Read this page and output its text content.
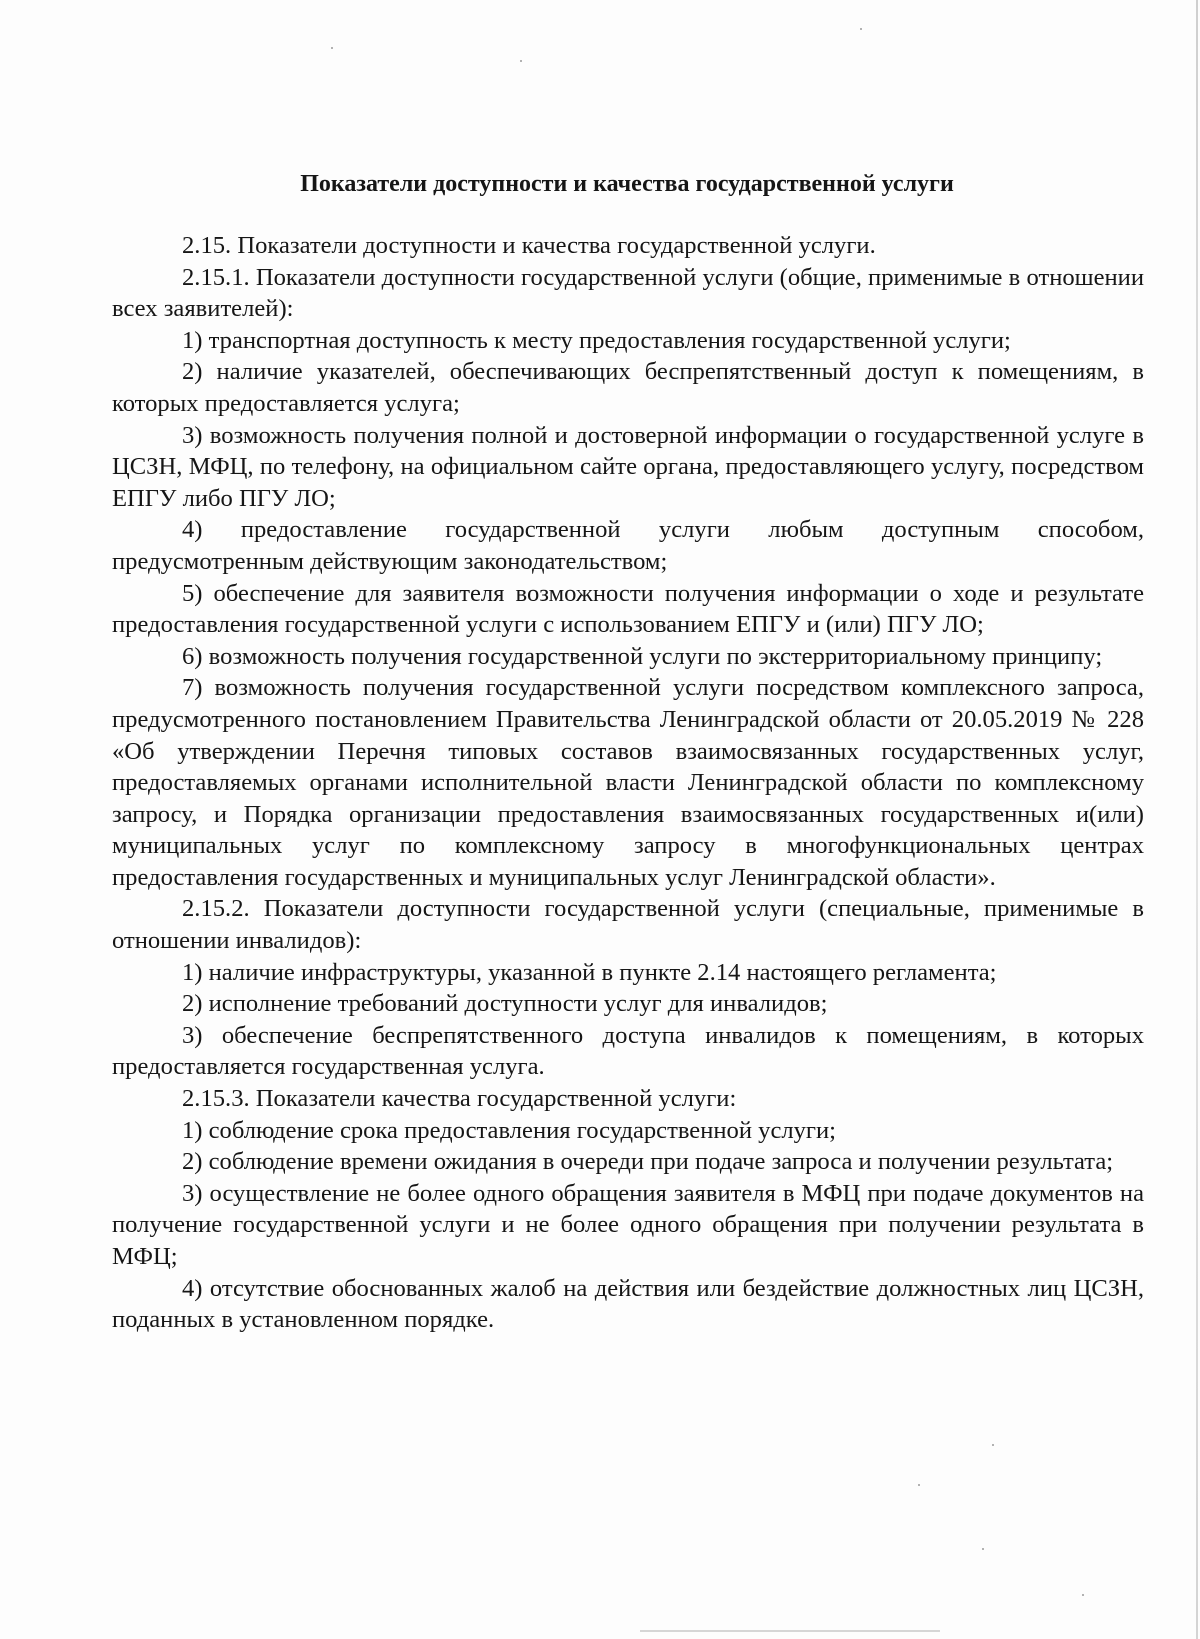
Показатели доступности и качества государственной услуги

2.15. Показатели доступности и качества государственной услуги.

2.15.1. Показатели доступности государственной услуги (общие, применимые в отношении всех заявителей):

1) транспортная доступность к месту предоставления государственной услуги;

2) наличие указателей, обеспечивающих беспрепятственный доступ к помещениям, в которых предоставляется услуга;

3) возможность получения полной и достоверной информации о государственной услуге в ЦСЗН, МФЦ, по телефону, на официальном сайте органа, предоставляющего услугу, посредством ЕПГУ либо ПГУ ЛО;

4) предоставление государственной услуги любым доступным способом, предусмотренным действующим законодательством;

5) обеспечение для заявителя возможности получения информации о ходе и результате предоставления государственной услуги с использованием ЕПГУ и (или) ПГУ ЛО;

6) возможность получения государственной услуги по экстерриториальному принципу;

7) возможность получения государственной услуги посредством комплексного запроса, предусмотренного постановлением Правительства Ленинградской области от 20.05.2019 № 228 «Об утверждении Перечня типовых составов взаимосвязанных государственных услуг, предоставляемых органами исполнительной власти Ленинградской области по комплексному запросу, и Порядка организации предоставления взаимосвязанных государственных и(или) муниципальных услуг по комплексному запросу в многофункциональных центрах предоставления государственных и муниципальных услуг Ленинградской области».

2.15.2. Показатели доступности государственной услуги (специальные, применимые в отношении инвалидов):

1) наличие инфраструктуры, указанной в пункте 2.14 настоящего регламента;

2) исполнение требований доступности услуг для инвалидов;

3) обеспечение беспрепятственного доступа инвалидов к помещениям, в которых предоставляется государственная услуга.

2.15.3. Показатели качества государственной услуги:

1) соблюдение срока предоставления государственной услуги;

2) соблюдение времени ожидания в очереди при подаче запроса и получении результата;

3) осуществление не более одного обращения заявителя в МФЦ при подаче документов на получение государственной услуги и не более одного обращения при получении результата в МФЦ;

4) отсутствие обоснованных жалоб на действия или бездействие должностных лиц ЦСЗН, поданных в установленном порядке.
